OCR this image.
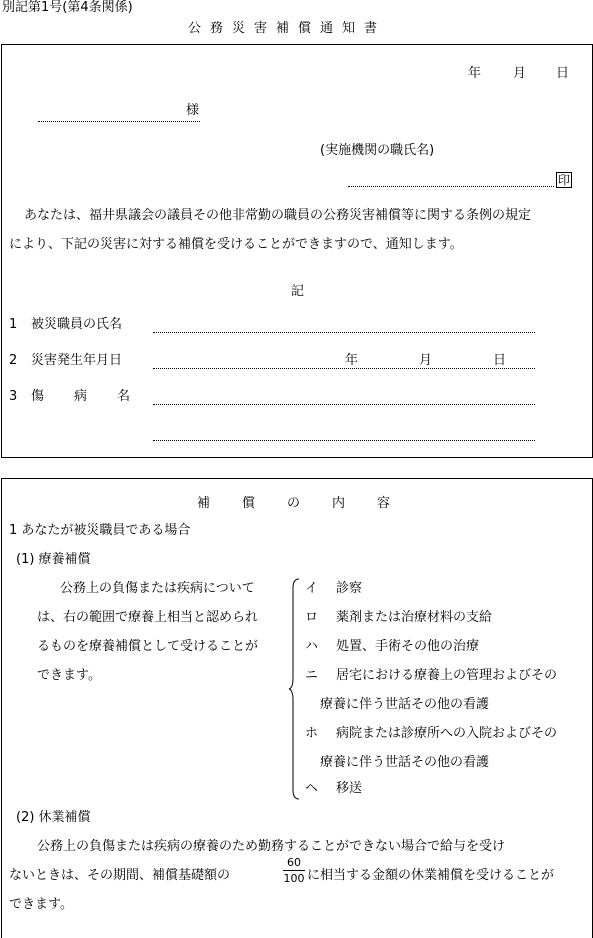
別記第1号(第4条関係)
公務災害補償通知書
年 月 日
様
(実施機関の職氏名)
印
あなたは、福井県議会の議員その他非常勤の職員の公務災害補償等に関する条例の規定
により、下記の災害に対する補償を受けることができますので、通知します。
記
1 被災職員の氏名
2 災害発生年月日	年	月	日
3 傷病名
補償の内容
1 あなたが被災職員である場合
(1) 療養補償
公務上の負傷または疾病について
は、右の範囲で療養上相当と認められ
るものを療養補償として受けることが
できます。
イ 診察
ロ 薬剤または治療材料の支給
ハ 処置、手術その他の治療
ニ 居宅における療養上の管理およびその
療養に伴う世話その他の看護
ホ 病院または診療所への入院およびその
療養に伴う世話その他の看護
ヘ 移送
(2) 休業補償
公務上の負傷または疾病の療養のため勤務することができない場合で給与を受け
ないときは、その期間、補償基礎額の
60
100 に相当する金額の休業補償を受けることが
できます。
